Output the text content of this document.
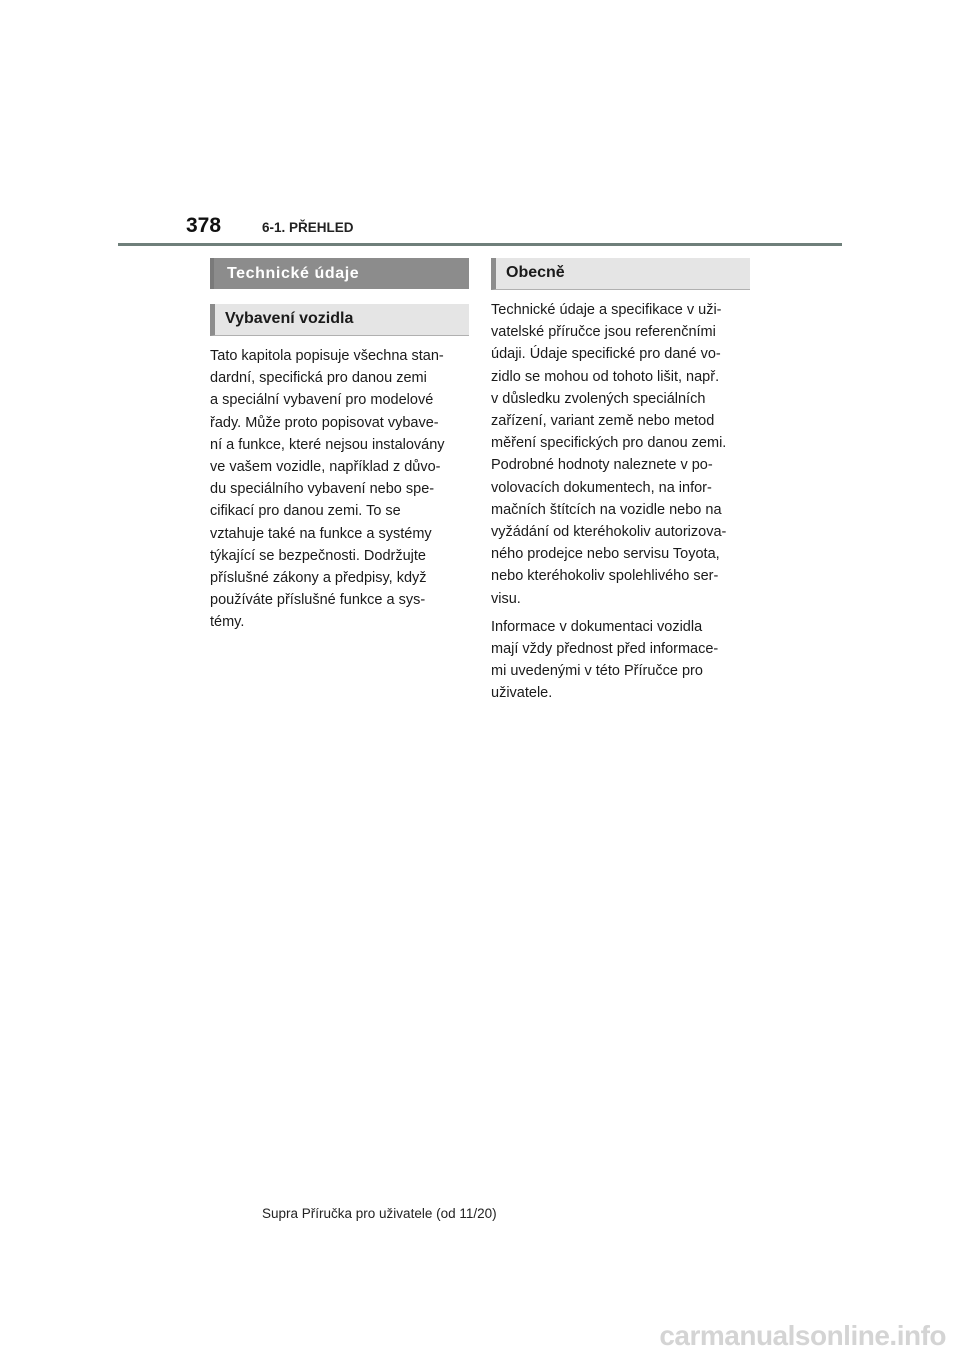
378	6-1. PŘEHLED
Technické údaje
Vybavení vozidla
Tato kapitola popisuje všechna stan-
dardní, specifická pro danou zemi
a speciální vybavení pro modelové
řady. Může proto popisovat vybave-
ní a funkce, které nejsou instalovány
ve vašem vozidle, například z důvo-
du speciálního vybavení nebo spe-
cifikací pro danou zemi. To se
vztahuje také na funkce a systémy
týkající se bezpečnosti. Dodržujte
příslušné zákony a předpisy, když
používáte příslušné funkce a sys-
témy.
Obecně
Technické údaje a specifikace v uži-
vatelské příručce jsou referenčními
údaji. Údaje specifické pro dané vo-
zidlo se mohou od tohoto lišit, např.
v důsledku zvolených speciálních
zařízení, variant země nebo metod
měření specifických pro danou zemi.
Podrobné hodnoty naleznete v po-
volovacích dokumentech, na infor-
mačních štítcích na vozidle nebo na
vyžádání od kteréhokoliv autorizova-
ného prodejce nebo servisu Toyota,
nebo kteréhokoliv spolehlivého ser-
visu.
Informace v dokumentaci vozidla
mají vždy přednost před informace-
mi uvedenými v této Příručce pro
uživatele.
Supra Příručka pro uživatele (od 11/20)
carmanualsonline.info
